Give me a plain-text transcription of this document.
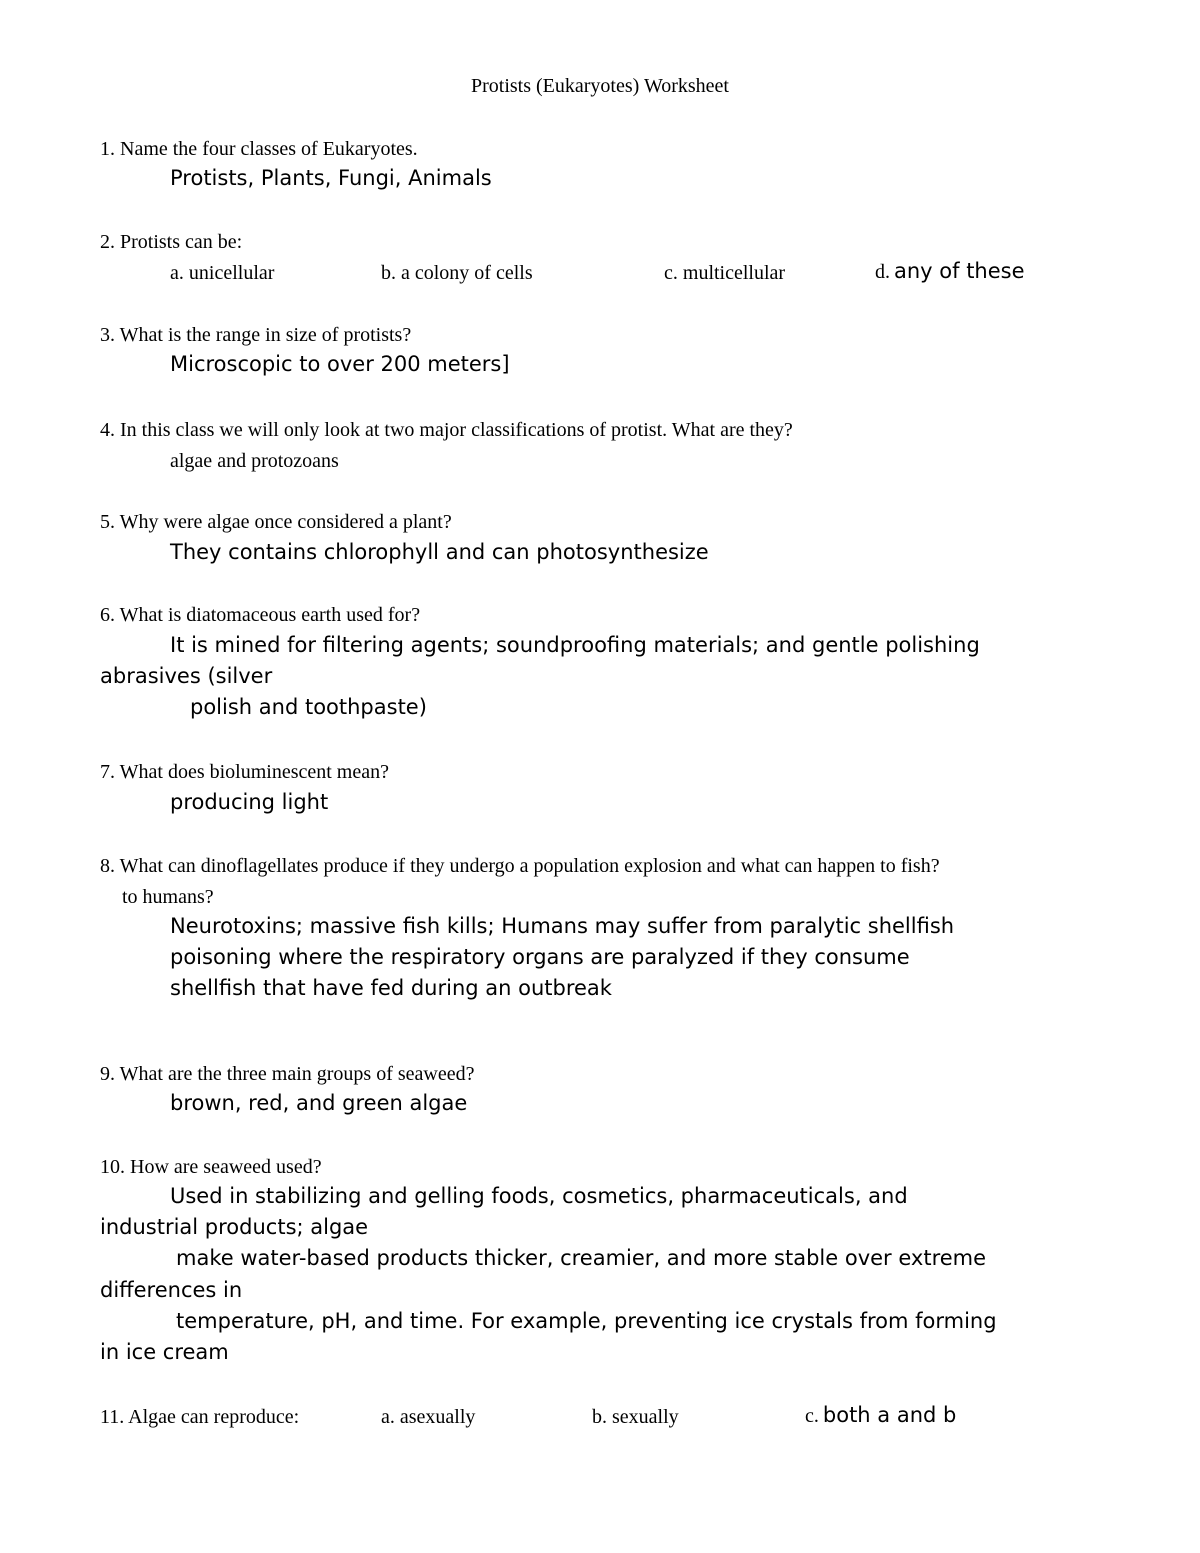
Protists (Eukaryotes) Worksheet
1. Name the four classes of Eukaryotes.
Protists, Plants, Fungi, Animals
2. Protists can be:
a. unicellular	b. a colony of cells	c. multicellular	d. any of these
3. What is the range in size of protists?
Microscopic to over 200 meters]
4. In this class we will only look at two major classifications of protist. What are they?
algae and protozoans
5. Why were algae once considered a plant?
They contains chlorophyll and can photosynthesize
6. What is diatomaceous earth used for?
It is mined for filtering agents; soundproofing materials; and gentle polishing
abrasives (silver
polish and toothpaste)
7. What does bioluminescent mean?
producing light
8. What can dinoflagellates produce if they undergo a population explosion and what can happen to fish?
to humans?
Neurotoxins; massive fish kills; Humans may suffer from paralytic shellfish
poisoning where the respiratory organs are paralyzed if they consume
shellfish that have fed during an outbreak
9. What are the three main groups of seaweed?
brown, red, and green algae
10. How are seaweed used?
Used in stabilizing and gelling foods, cosmetics, pharmaceuticals, and
industrial products; algae
make water-based products thicker, creamier, and more stable over extreme
differences in
temperature, pH, and time. For example, preventing ice crystals from forming
in ice cream
11. Algae can reproduce:	a. asexually	b. sexually	c. both a and b
